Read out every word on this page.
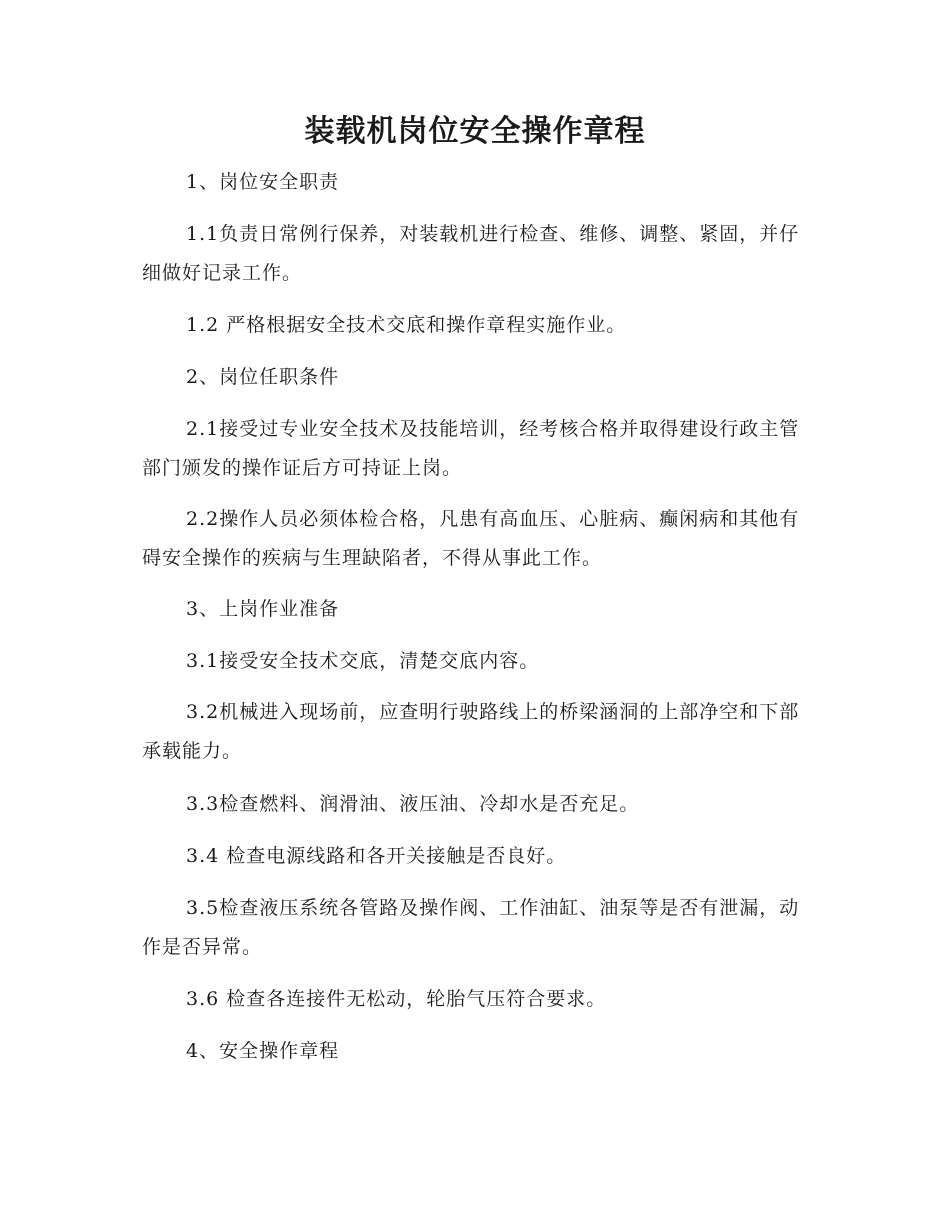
装载机岗位安全操作章程

1、岗位安全职责

1.1负责日常例行保养，对装载机进行检查、维修、调整、紧固，并仔细做好记录工作。

1.2 严格根据安全技术交底和操作章程实施作业。

2、岗位任职条件

2.1接受过专业安全技术及技能培训，经考核合格并取得建设行政主管部门颁发的操作证后方可持证上岗。

2.2操作人员必须体检合格，凡患有高血压、心脏病、癫闲病和其他有碍安全操作的疾病与生理缺陷者，不得从事此工作。

3、上岗作业准备

3.1接受安全技术交底，清楚交底内容。

3.2机械进入现场前，应查明行驶路线上的桥梁涵洞的上部净空和下部承载能力。

3.3检查燃料、润滑油、液压油、冷却水是否充足。

3.4 检查电源线路和各开关接触是否良好。

3.5检查液压系统各管路及操作阀、工作油缸、油泵等是否有泄漏，动作是否异常。

3.6 检查各连接件无松动，轮胎气压符合要求。

4、安全操作章程
